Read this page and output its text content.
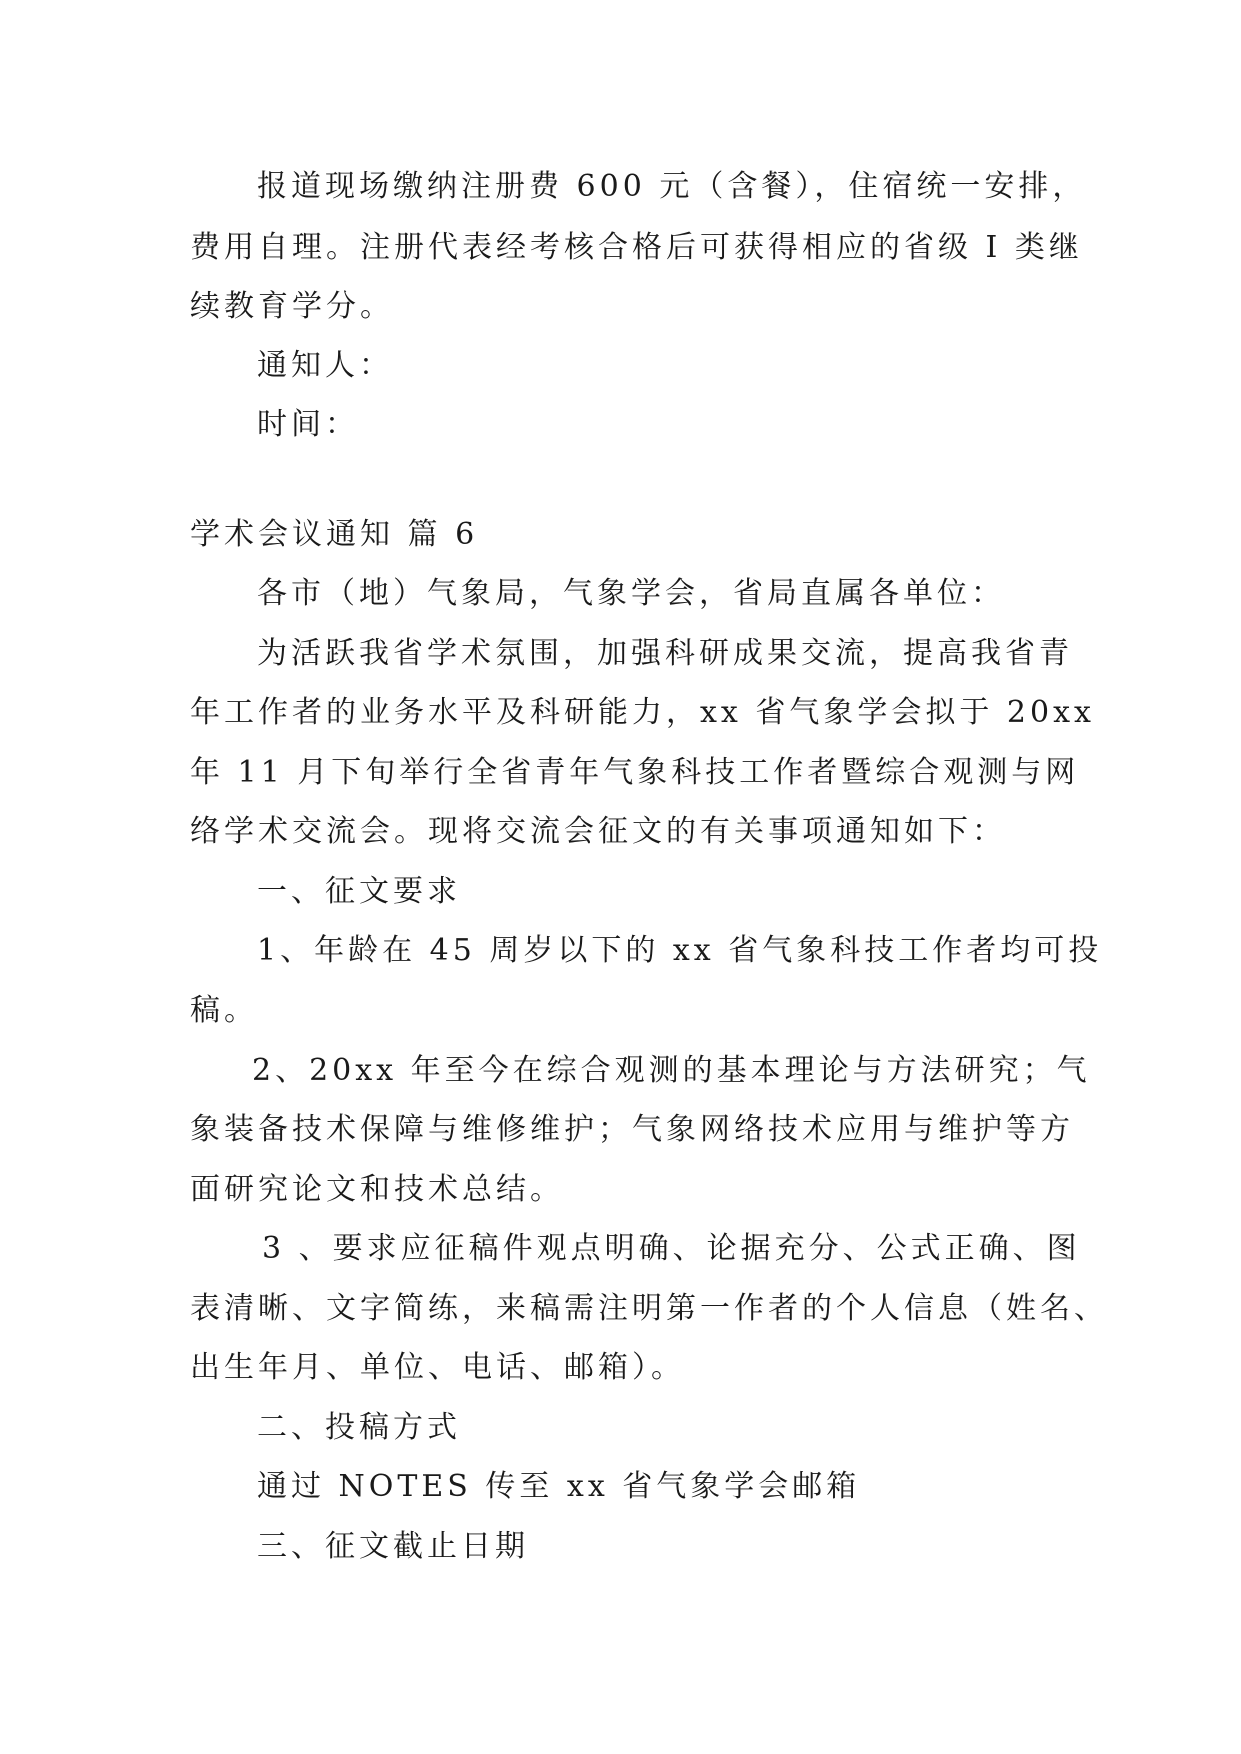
报道现场缴纳注册费 600 元（含餐），住宿统一安排，
费用自理。注册代表经考核合格后可获得相应的省级 I 类继
续教育学分。
通知人：
时间：
学术会议通知 篇 6
各市（地）气象局，气象学会，省局直属各单位：
为活跃我省学术氛围，加强科研成果交流，提高我省青
年工作者的业务水平及科研能力，xx 省气象学会拟于 20xx
年 11 月下旬举行全省青年气象科技工作者暨综合观测与网
络学术交流会。现将交流会征文的有关事项通知如下：
一、征文要求
1、年龄在 45 周岁以下的 xx 省气象科技工作者均可投
稿。
2、20xx 年至今在综合观测的基本理论与方法研究；气
象装备技术保障与维修维护；气象网络技术应用与维护等方
面研究论文和技术总结。
3 、要求应征稿件观点明确、论据充分、公式正确、图
表清晰、文字简练，来稿需注明第一作者的个人信息（姓名、
出生年月、单位、电话、邮箱）。
二、投稿方式
通过 NOTES 传至 xx 省气象学会邮箱
三、征文截止日期
